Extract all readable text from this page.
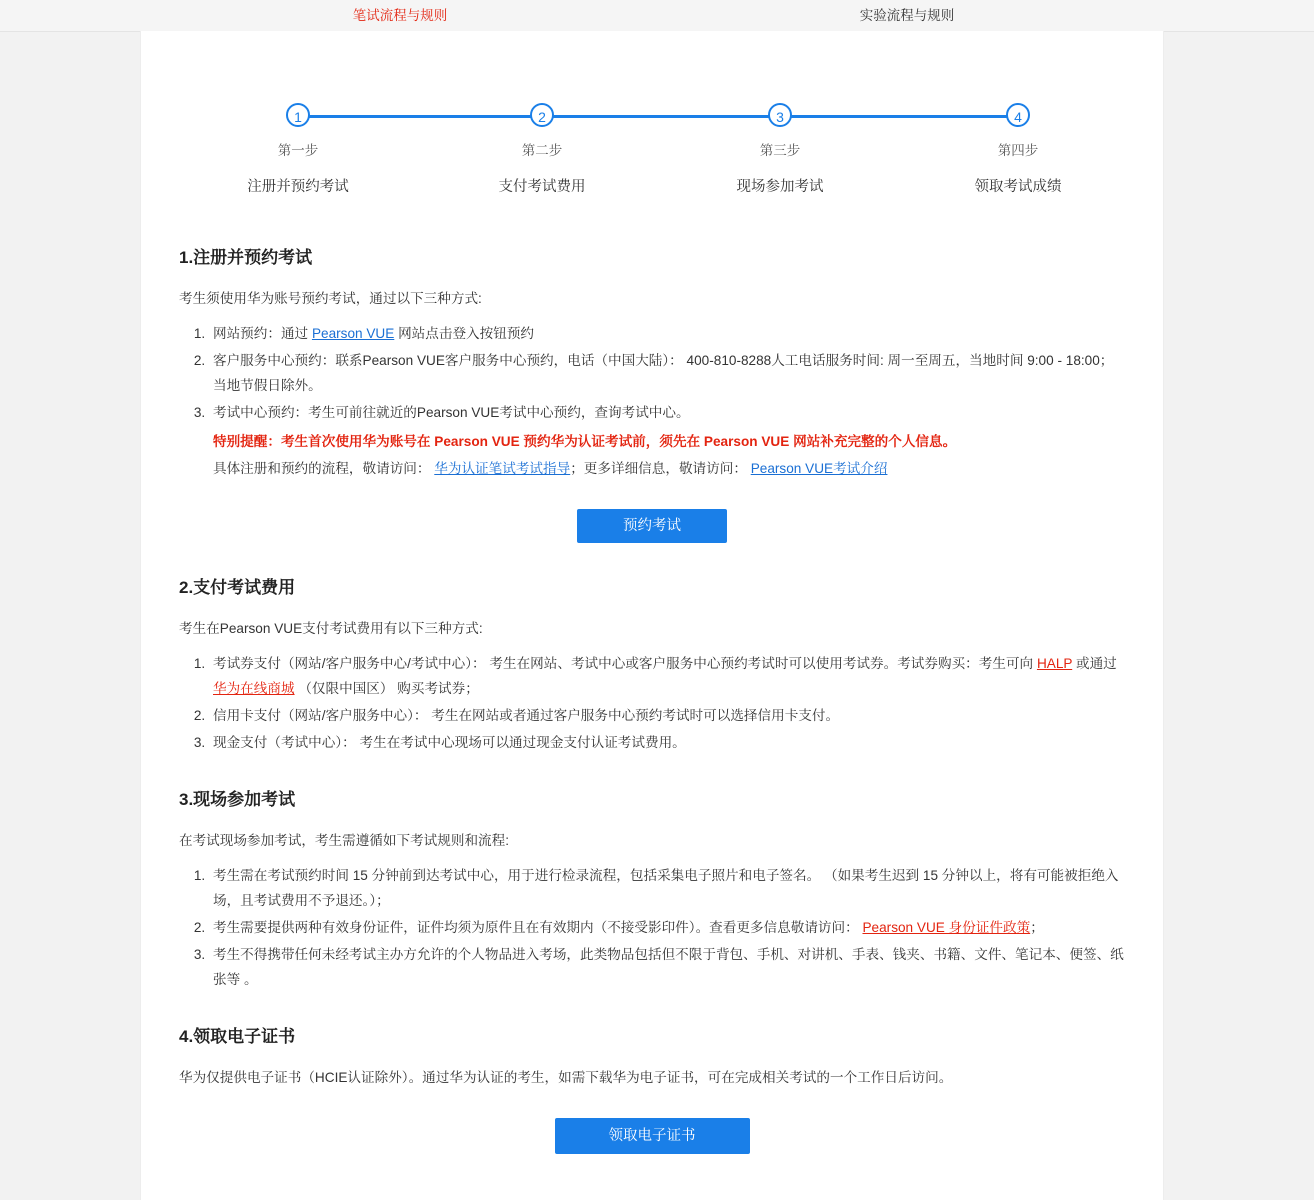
笔试流程与规则	实验流程与规则
1
第一步
注册并预约考试
2
第二步
支付考试费用
3
第三步
现场参加考试
4
第四步
领取考试成绩
1.注册并预约考试

考生须使用华为账号预约考试，通过以下三种方式:

1. 网站预约：通过 Pearson VUE 网站点击登入按钮预约
2. 客户服务中心预约：联系Pearson VUE客户服务中心预约，电话（中国大陆）： 400-810-8288人工电话服务时间: 周一至周五，当地时间 9:00 - 18:00；当地节假日除外。
3. 考试中心预约：考生可前往就近的Pearson VUE考试中心预约，查询考试中心。
特别提醒：考生首次使用华为账号在 Pearson VUE 预约华为认证考试前，须先在 Pearson VUE 网站补充完整的个人信息。
具体注册和预约的流程，敬请访问： 华为认证笔试考试指导；更多详细信息，敬请访问： Pearson VUE考试介绍
预约考试
2.支付考试费用

考生在Pearson VUE支付考试费用有以下三种方式:

1. 考试券支付（网站/客户服务中心/考试中心）： 考生在网站、考试中心或客户服务中心预约考试时可以使用考试券。考试券购买：考生可向 HALP 或通过 华为在线商城 （仅限中国区） 购买考试券；
2. 信用卡支付（网站/客户服务中心）： 考生在网站或者通过客户服务中心预约考试时可以选择信用卡支付。
3. 现金支付（考试中心）： 考生在考试中心现场可以通过现金支付认证考试费用。
3.现场参加考试

在考试现场参加考试，考生需遵循如下考试规则和流程:

1. 考生需在考试预约时间 15 分钟前到达考试中心，用于进行检录流程，包括采集电子照片和电子签名。 （如果考生迟到 15 分钟以上，将有可能被拒绝入场，且考试费用不予退还。）；
2. 考生需要提供两种有效身份证件，证件均须为原件且在有效期内（不接受影印件）。查看更多信息敬请访问： Pearson VUE 身份证件政策；
3. 考生不得携带任何未经考试主办方允许的个人物品进入考场，此类物品包括但不限于背包、手机、对讲机、手表、钱夹、书籍、文件、笔记本、便签、纸张等 。
4.领取电子证书

华为仅提供电子证书（HCIE认证除外）。通过华为认证的考生，如需下载华为电子证书，可在完成相关考试的一个工作日后访问。

领取电子证书
